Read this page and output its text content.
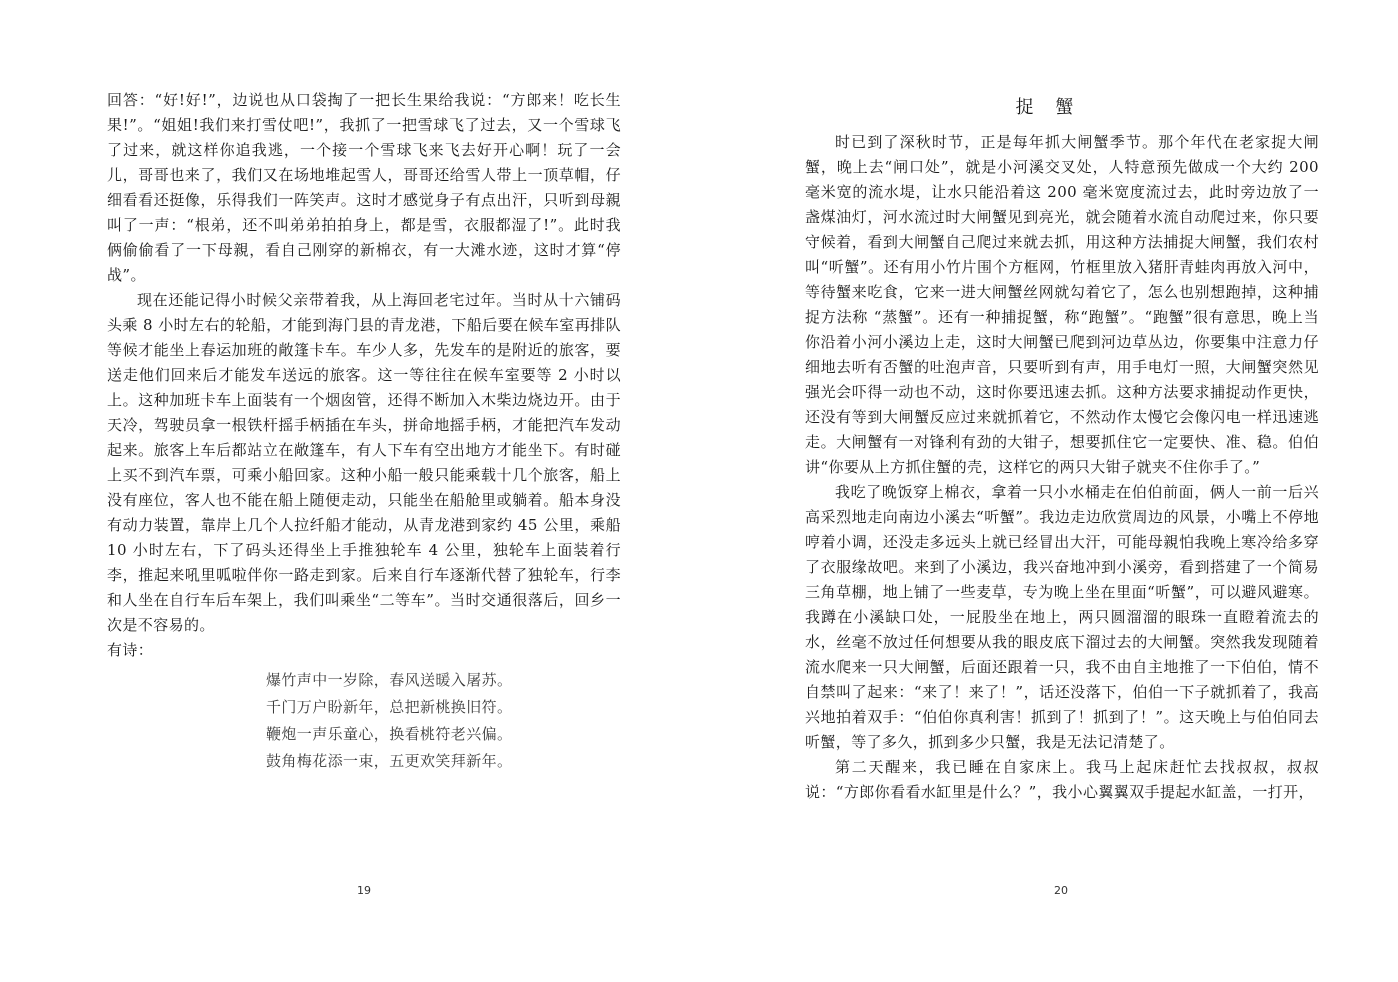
回答：“好!好!”，边说也从口袋掏了一把长生果给我说：“方郎来！吃长生果!”。“姐姐!我们来打雪仗吧!”，我抓了一把雪球飞了过去，又一个雪球飞了过来，就这样你追我逃，一个接一个雪球飞来飞去好开心啊！玩了一会儿，哥哥也来了，我们又在场地堆起雪人，哥哥还给雪人带上一顶草帽，仔细看看还挺像，乐得我们一阵笑声。这时才感觉身子有点出汗，只听到母親叫了一声：“根弟，还不叫弟弟拍拍身上，都是雪，衣服都湿了!”。此时我俩偷偷看了一下母親，看自己刚穿的新棉衣，有一大滩水迹，这时才算“停战”。

现在还能记得小时候父亲带着我，从上海回老宅过年。当时从十六铺码头乘 8 小时左右的轮船，才能到海门县的青龙港，下船后要在候车室再排队等候才能坐上春运加班的敞篷卡车。车少人多，先发车的是附近的旅客，要送走他们回来后才能发车送远的旅客。这一等往往在候车室要等 2 小时以上。这种加班卡车上面装有一个烟囱管，还得不断加入木柴边烧边开。由于天冷，驾驶员拿一根铁杆摇手柄插在车头，拼命地摇手柄，才能把汽车发动起来。旅客上车后都站立在敞篷车，有人下车有空出地方才能坐下。有时碰上买不到汽车票，可乘小船回家。这种小船一般只能乘载十几个旅客，船上没有座位，客人也不能在船上随便走动，只能坐在船舱里或躺着。船本身没有动力装置，靠岸上几个人拉纤船才能动，从青龙港到家约 45 公里，乘船 10 小时左右，下了码头还得坐上手推独轮车 4 公里，独轮车上面装着行李，推起来吼里呱啦伴你一路走到家。后来自行车逐渐代替了独轮车，行李和人坐在自行车后车架上，我们叫乘坐“二等车”。当时交通很落后，回乡一次是不容易的。

有诗：

爆竹声中一岁除，春风送暖入屠苏。
千门万户盼新年，总把新桃换旧符。
鞭炮一声乐童心，换看桃符老兴偏。
鼓角梅花添一束，五更欢笑拜新年。
19
捉 蟹

时已到了深秋时节，正是每年抓大闸蟹季节。那个年代在老家捉大闸蟹，晚上去“闸口处”，就是小河溪交叉处，人特意预先做成一个大约 200 毫米宽的流水堤，让水只能沿着这 200 毫米宽度流过去，此时旁边放了一盏煤油灯，河水流过时大闸蟹见到亮光，就会随着水流自动爬过来，你只要守候着，看到大闸蟹自己爬过来就去抓，用这种方法捕捉大闸蟹，我们农村叫“听蟹”。还有用小竹片围个方框网，竹框里放入猪肝青蛙肉再放入河中，等待蟹来吃食，它来一进大闸蟹丝网就勾着它了，怎么也别想跑掉，这种捕捉方法称 “蒸蟹”。还有一种捕捉蟹，称“跑蟹”。“跑蟹”很有意思，晚上当你沿着小河小溪边上走，这时大闸蟹已爬到河边草丛边，你要集中注意力仔细地去听有否蟹的吐泡声音，只要听到有声，用手电灯一照，大闸蟹突然见强光会吓得一动也不动，这时你要迅速去抓。这种方法要求捕捉动作更快，还没有等到大闸蟹反应过来就抓着它，不然动作太慢它会像闪电一样迅速逃走。大闸蟹有一对锋利有劲的大钳子，想要抓住它一定要快、准、稳。伯伯讲“你要从上方抓住蟹的壳，这样它的两只大钳子就夹不住你手了。”

我吃了晚饭穿上棉衣，拿着一只小水桶走在伯伯前面，俩人一前一后兴高采烈地走向南边小溪去“听蟹”。我边走边欣赏周边的风景，小嘴上不停地哼着小调，还没走多远头上就已经冒出大汗，可能母親怕我晚上寒冷给多穿了衣服缘故吧。来到了小溪边，我兴奋地冲到小溪旁，看到搭建了一个简易三角草棚，地上铺了一些麦草，专为晚上坐在里面“听蟹”，可以避风避寒。我蹲在小溪缺口处，一屁股坐在地上，两只圆溜溜的眼珠一直瞪着流去的水，丝毫不放过任何想要从我的眼皮底下溜过去的大闸蟹。突然我发现随着流水爬来一只大闸蟹，后面还跟着一只，我不由自主地推了一下伯伯，情不自禁叫了起来：“来了！来了！”，话还没落下，伯伯一下子就抓着了，我高兴地拍着双手：“伯伯你真利害！抓到了！抓到了！”。这天晚上与伯伯同去听蟹，等了多久，抓到多少只蟹，我是无法记清楚了。

第二天醒来，我已睡在自家床上。我马上起床赶忙去找叔叔，叔叔说：“方郎你看看水缸里是什么？”，我小心翼翼双手提起水缸盖，一打开，

20
